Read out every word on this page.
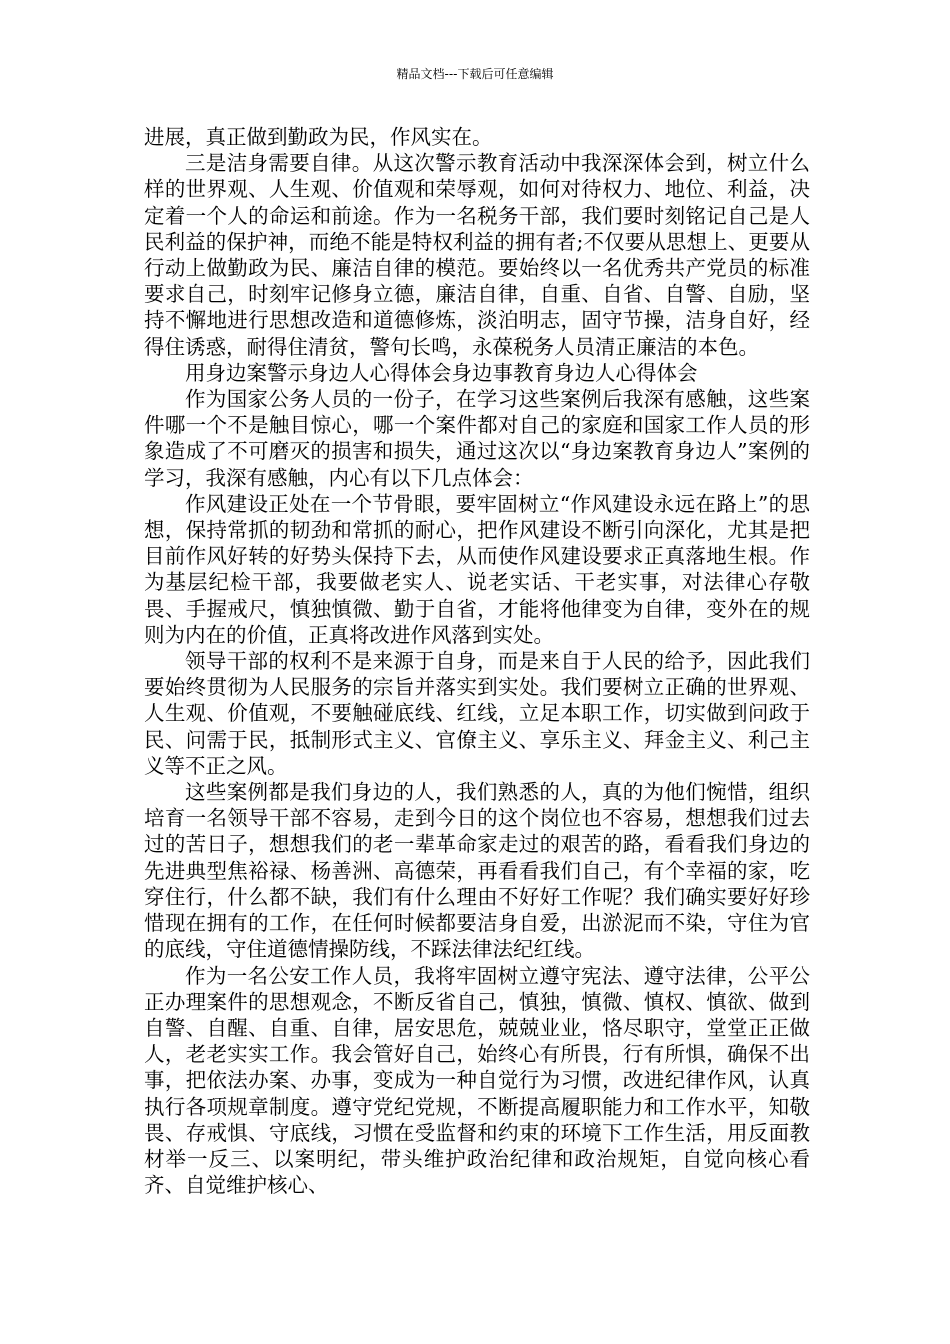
精品文档---下载后可任意编辑

进展，真正做到勤政为民，作风实在。

三是洁身需要自律。从这次警示教育活动中我深深体会到，树立什么样的世界观、人生观、价值观和荣辱观，如何对待权力、地位、利益，决定着一个人的命运和前途。作为一名税务干部，我们要时刻铭记自己是人民利益的保护神，而绝不能是特权利益的拥有者;不仅要从思想上、更要从行动上做勤政为民、廉洁自律的模范。要始终以一名优秀共产党员的标准要求自己，时刻牢记修身立德，廉洁自律，自重、自省、自警、自励，坚持不懈地进行思想改造和道德修炼，淡泊明志，固守节操，洁身自好，经得住诱惑，耐得住清贫，警句长鸣，永葆税务人员清正廉洁的本色。

用身边案警示身边人心得体会身边事教育身边人心得体会

作为国家公务人员的一份子，在学习这些案例后我深有感触，这些案件哪一个不是触目惊心，哪一个案件都对自己的家庭和国家工作人员的形象造成了不可磨灭的损害和损失，通过这次以“身边案教育身边人”案例的学习，我深有感触，内心有以下几点体会：

作风建设正处在一个节骨眼，要牢固树立“作风建设永远在路上”的思想，保持常抓的韧劲和常抓的耐心，把作风建设不断引向深化，尤其是把目前作风好转的好势头保持下去，从而使作风建设要求正真落地生根。作为基层纪检干部，我要做老实人、说老实话、干老实事，对法律心存敬畏、手握戒尺，慎独慎微、勤于自省，才能将他律变为自律，变外在的规则为内在的价值，正真将改进作风落到实处。

领导干部的权利不是来源于自身，而是来自于人民的给予，因此我们要始终贯彻为人民服务的宗旨并落实到实处。我们要树立正确的世界观、人生观、价值观，不要触碰底线、红线，立足本职工作，切实做到问政于民、问需于民，抵制形式主义、官僚主义、享乐主义、拜金主义、利己主义等不正之风。

这些案例都是我们身边的人，我们熟悉的人，真的为他们惋惜，组织培育一名领导干部不容易，走到今日的这个岗位也不容易，想想我们过去过的苦日子，想想我们的老一辈革命家走过的艰苦的路，看看我们身边的先进典型焦裕禄、杨善洲、高德荣，再看看我们自己，有个幸福的家，吃穿住行，什么都不缺，我们有什么理由不好好工作呢？我们确实要好好珍惜现在拥有的工作，在任何时候都要洁身自爱，出淤泥而不染，守住为官的底线，守住道德情操防线，不踩法律法纪红线。

作为一名公安工作人员，我将牢固树立遵守宪法、遵守法律，公平公正办理案件的思想观念，不断反省自己，慎独，慎微、慎权、慎欲、做到自警、自醒、自重、自律，居安思危，兢兢业业，恪尽职守，堂堂正正做人，老老实实工作。我会管好自己，始终心有所畏，行有所惧，确保不出事，把依法办案、办事，变成为一种自觉行为习惯，改进纪律作风，认真执行各项规章制度。遵守党纪党规，不断提高履职能力和工作水平，知敬畏、存戒惧、守底线，习惯在受监督和约束的环境下工作生活，用反面教材举一反三、以案明纪，带头维护政治纪律和政治规矩，自觉向核心看齐、自觉维护核心、
